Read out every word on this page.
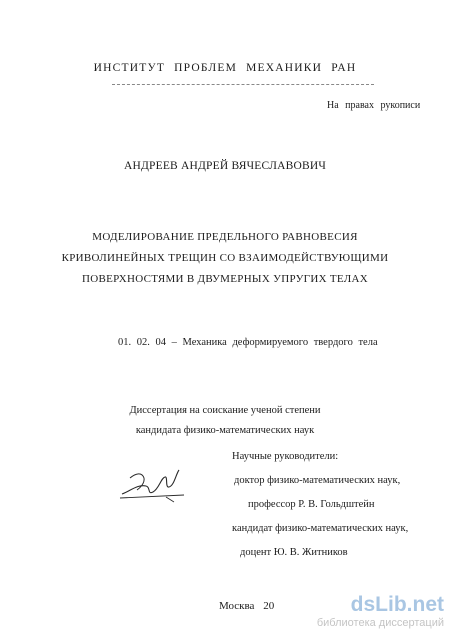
ИНСТИТУТ ПРОБЛЕМ МЕХАНИКИ РАН
На правах рукописи
АНДРЕЕВ АНДРЕЙ ВЯЧЕСЛАВОВИЧ
МОДЕЛИРОВАНИЕ ПРЕДЕЛЬНОГО РАВНОВЕСИЯ
КРИВОЛИНЕЙНЫХ ТРЕЩИН СО ВЗАИМОДЕЙСТВУЮЩИМИ
ПОВЕРХНОСТЯМИ В ДВУМЕРНЫХ УПРУГИХ ТЕЛАХ
01. 02. 04 – Механика деформируемого твердого тела
Диссертация на соискание ученой степени
кандидата физико-математических наук
Научные руководители:
доктор физико-математических наук,
профессор Р. В. Гольдштейн
кандидат физико-математических наук,
доцент Ю. В. Житников
Москва 20	dsLib.net
библиотека диссертаций
